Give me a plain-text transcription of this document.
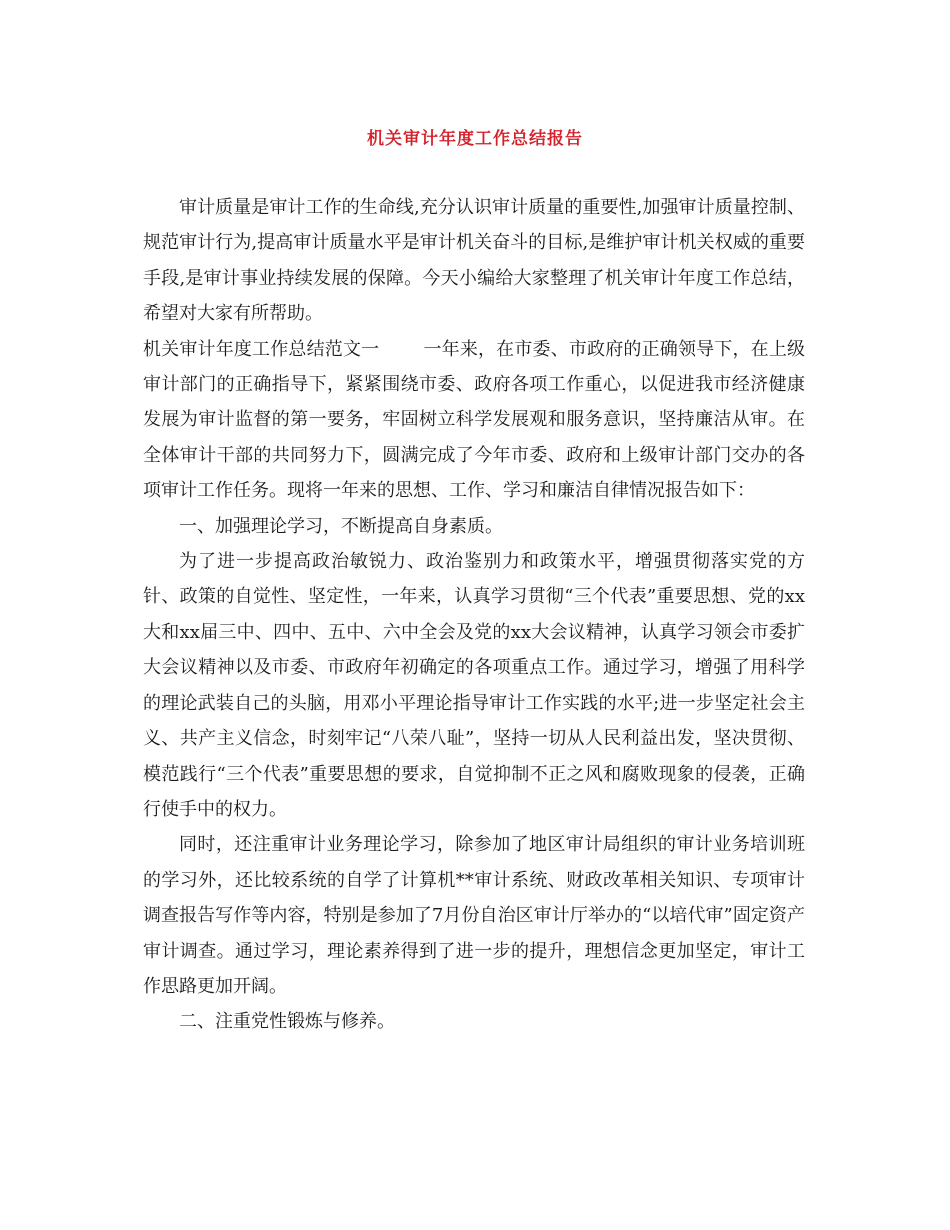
机关审计年度工作总结报告

审计质量是审计工作的生命线,充分认识审计质量的重要性,加强审计质量控制、规范审计行为,提高审计质量水平是审计机关奋斗的目标,是维护审计机关权威的重要手段,是审计事业持续发展的保障。今天小编给大家整理了机关审计年度工作总结，希望对大家有所帮助。

机关审计年度工作总结范文一 一年来，在市委、市政府的正确领导下，在上级审计部门的正确指导下，紧紧围绕市委、政府各项工作重心，以促进我市经济健康发展为审计监督的第一要务，牢固树立科学发展观和服务意识，坚持廉洁从审。在全体审计干部的共同努力下，圆满完成了今年市委、政府和上级审计部门交办的各项审计工作任务。现将一年来的思想、工作、学习和廉洁自律情况报告如下：

一、加强理论学习，不断提高自身素质。

为了进一步提高政治敏锐力、政治鉴别力和政策水平，增强贯彻落实党的方针、政策的自觉性、坚定性，一年来，认真学习贯彻“三个代表”重要思想、党的xx大和xx届三中、四中、五中、六中全会及党的xx大会议精神，认真学习领会市委扩大会议精神以及市委、市政府年初确定的各项重点工作。通过学习，增强了用科学的理论武装自己的头脑，用邓小平理论指导审计工作实践的水平;进一步坚定社会主义、共产主义信念，时刻牢记“八荣八耻”，坚持一切从人民利益出发，坚决贯彻、模范践行“三个代表”重要思想的要求，自觉抑制不正之风和腐败现象的侵袭，正确行使手中的权力。

同时，还注重审计业务理论学习，除参加了地区审计局组织的审计业务培训班的学习外，还比较系统的自学了计算机**审计系统、财政改革相关知识、专项审计调查报告写作等内容，特别是参加了7月份自治区审计厅举办的“以培代审”固定资产审计调查。通过学习，理论素养得到了进一步的提升，理想信念更加坚定，审计工作思路更加开阔。

二、注重党性锻炼与修养。
